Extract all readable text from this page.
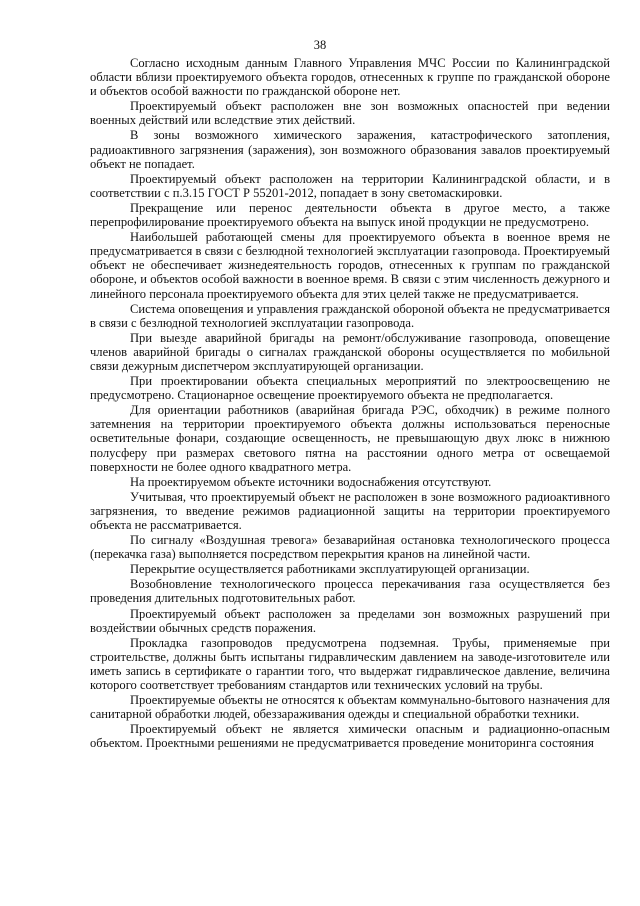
38

Согласно исходным данным Главного Управления МЧС России по Калининградской области вблизи проектируемого объекта городов, отнесенных к группе по гражданской обороне и объектов особой важности по гражданской обороне нет.

Проектируемый объект расположен вне зон возможных опасностей при ведении военных действий или вследствие этих действий.

В зоны возможного химического заражения, катастрофического затопления, радиоактивного загрязнения (заражения), зон возможного образования завалов проектируемый объект не попадает.

Проектируемый объект расположен на территории Калининградской области, и в соответствии с п.3.15 ГОСТ Р 55201-2012, попадает в зону светомаскировки.

Прекращение или перенос деятельности объекта в другое место, а также перепрофилирование проектируемого объекта на выпуск иной продукции не предусмотрено.

Наибольшей работающей смены для проектируемого объекта в военное время не предусматривается в связи с безлюдной технологией эксплуатации газопровода. Проектируемый объект не обеспечивает жизнедеятельность городов, отнесенных к группам по гражданской обороне, и объектов особой важности в военное время. В связи с этим численность дежурного и линейного персонала проектируемого объекта для этих целей также не предусматривается.

Система оповещения и управления гражданской обороной объекта не предусматривается в связи с безлюдной технологией эксплуатации газопровода.

При выезде аварийной бригады на ремонт/обслуживание газопровода, оповещение членов аварийной бригады о сигналах гражданской обороны осуществляется по мобильной связи дежурным диспетчером эксплуатирующей организации.

При проектировании объекта специальных мероприятий по электроосвещению не предусмотрено. Стационарное освещение проектируемого объекта не предполагается.

Для ориентации работников (аварийная бригада РЭС, обходчик) в режиме полного затемнения на территории проектируемого объекта должны использоваться переносные осветительные фонари, создающие освещенность, не превышающую двух люкс в нижнюю полусферу при размерах светового пятна на расстоянии одного метра от освещаемой поверхности не более одного квадратного метра.

На проектируемом объекте источники водоснабжения отсутствуют.

Учитывая, что проектируемый объект не расположен в зоне возможного радиоактивного загрязнения, то введение режимов радиационной защиты на территории проектируемого объекта не рассматривается.

По сигналу «Воздушная тревога» безаварийная остановка технологического процесса (перекачка газа) выполняется посредством перекрытия кранов на линейной части.

Перекрытие осуществляется работниками эксплуатирующей организации.

Возобновление технологического процесса перекачивания газа осуществляется без проведения длительных подготовительных работ.

Проектируемый объект расположен за пределами зон возможных разрушений при воздействии обычных средств поражения.

Прокладка газопроводов предусмотрена подземная. Трубы, применяемые при строительстве, должны быть испытаны гидравлическим давлением на заводе-изготовителе или иметь запись в сертификате о гарантии того, что выдержат гидравлическое давление, величина которого соответствует требованиям стандартов или технических условий на трубы.

Проектируемые объекты не относятся к объектам коммунально-бытового назначения для санитарной обработки людей, обеззараживания одежды и специальной обработки техники.

Проектируемый объект не является химически опасным и радиационно-опасным объектом. Проектными решениями не предусматривается проведение мониторинга состояния
